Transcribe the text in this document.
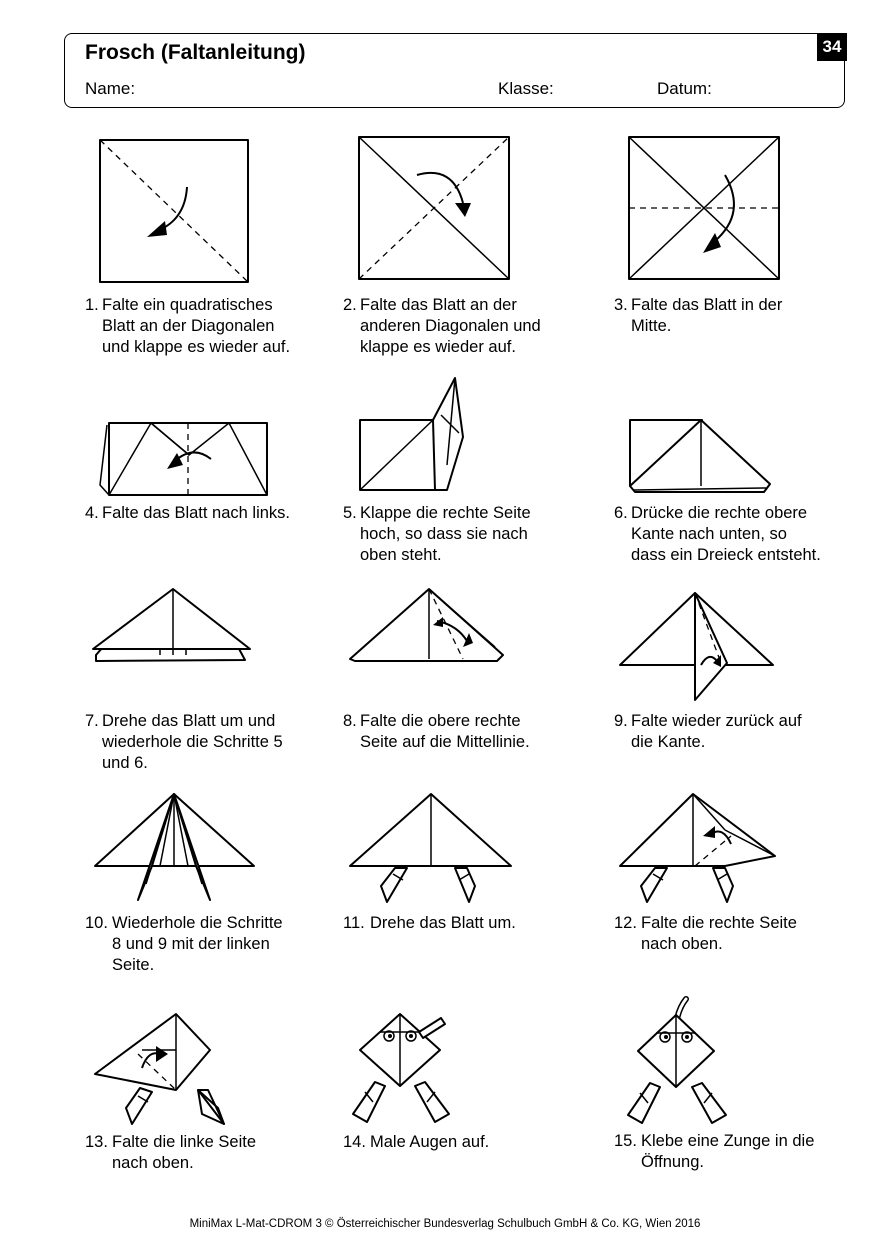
Frosch (Faltanleitung)
Name:	Klasse:	Datum:
34
1. Falte ein quadratisches
Blatt an der Diagonalen
und klappe es wieder auf.
2. Falte das Blatt an der
anderen Diagonalen und
klappe es wieder auf.
3. Falte das Blatt in der
Mitte.
4. Falte das Blatt nach links.	5. Klappe die rechte Seite
hoch, so dass sie nach
oben steht.
6. Drücke die rechte obere
Kante nach unten, so
dass ein Dreieck entsteht.
7. Drehe das Blatt um und
wiederhole die Schritte 5
und 6.
8. Falte die obere rechte
Seite auf die Mittellinie.
9. Falte wieder zurück auf
die Kante.
10. Wiederhole die Schritte
8 und 9 mit der linken
Seite.
11. Drehe das Blatt um.	12. Falte die rechte Seite
nach oben.
13. Falte die linke Seite
nach oben.
14. Male Augen auf.	15. Klebe eine Zunge in die
Öffnung.
MiniMax L-Mat-CDROM 3 © Österreichischer Bundesverlag Schulbuch GmbH & Co. KG, Wien 2016
